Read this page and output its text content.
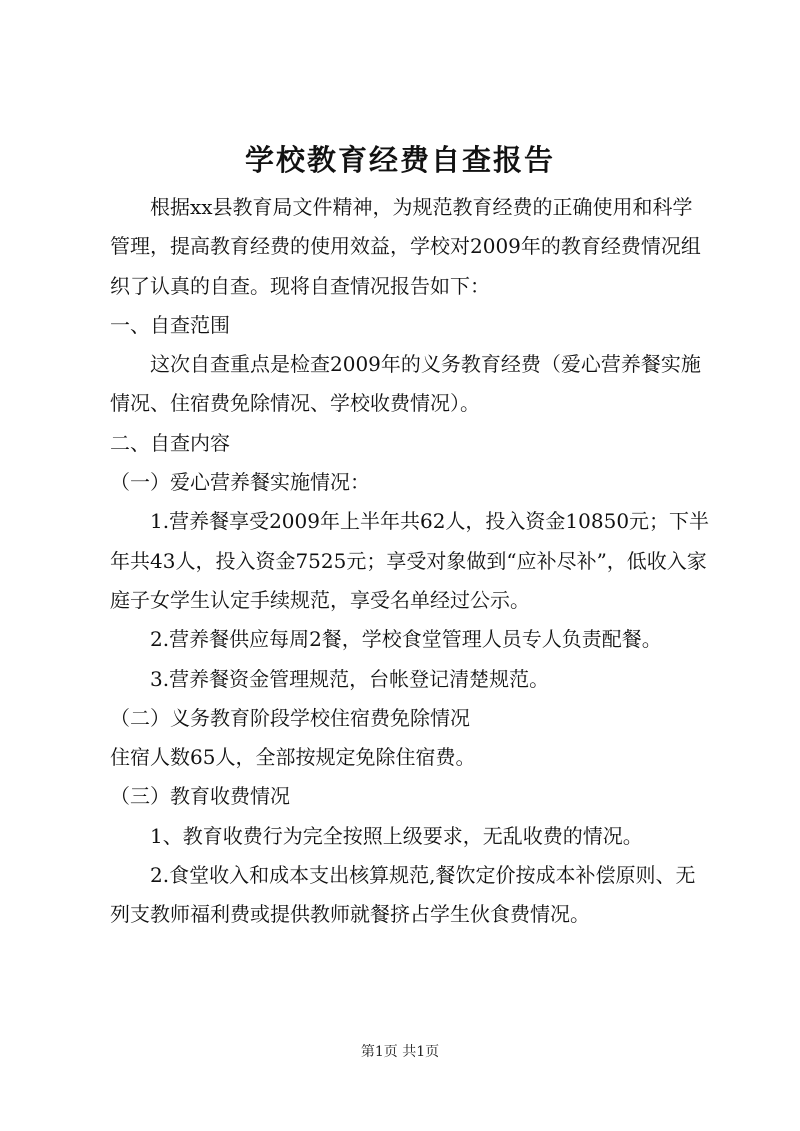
学校教育经费自查报告

根据xx县教育局文件精神，为规范教育经费的正确使用和科学管理，提高教育经费的使用效益，学校对2009年的教育经费情况组织了认真的自查。现将自查情况报告如下：

一、自查范围

这次自查重点是检查2009年的义务教育经费（爱心营养餐实施情况、住宿费免除情况、学校收费情况）。

二、自查内容

（一）爱心营养餐实施情况：

1.营养餐享受2009年上半年共62人，投入资金10850元；下半年共43人，投入资金7525元；享受对象做到“应补尽补”，低收入家庭子女学生认定手续规范，享受名单经过公示。

2.营养餐供应每周2餐，学校食堂管理人员专人负责配餐。

3.营养餐资金管理规范，台帐登记清楚规范。

（二）义务教育阶段学校住宿费免除情况

住宿人数65人，全部按规定免除住宿费。

（三）教育收费情况

1、教育收费行为完全按照上级要求，无乱收费的情况。

2.食堂收入和成本支出核算规范,餐饮定价按成本补偿原则、无列支教师福利费或提供教师就餐挤占学生伙食费情况。

第1页 共1页
